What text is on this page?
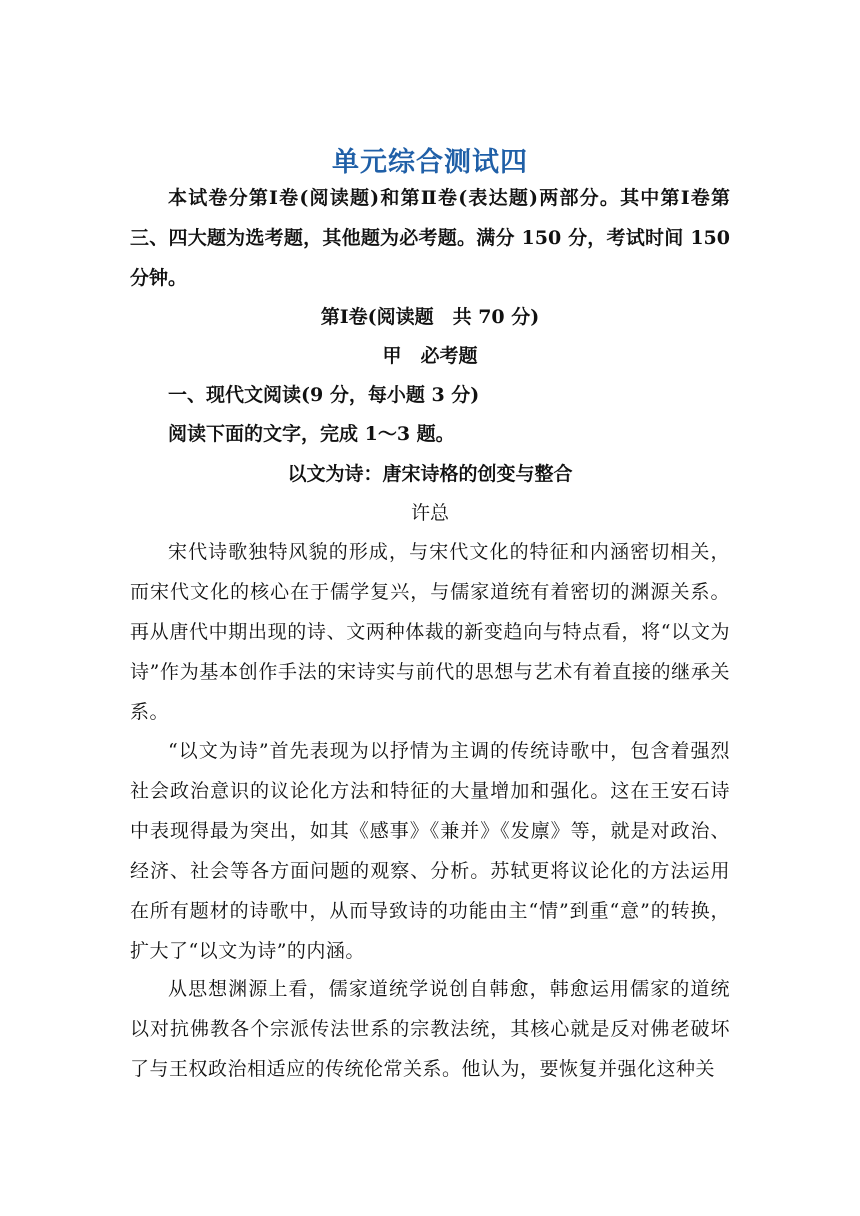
单元综合测试四
本试卷分第Ⅰ卷(阅读题)和第Ⅱ卷(表达题)两部分。其中第Ⅰ卷第三、四大题为选考题，其他题为必考题。满分 150 分，考试时间 150 分钟。
第Ⅰ卷(阅读题　共 70 分)
甲　必考题
一、现代文阅读(9 分，每小题 3 分)
阅读下面的文字，完成 1～3 题。
以文为诗：唐宋诗格的创变与整合
许总
宋代诗歌独特风貌的形成，与宋代文化的特征和内涵密切相关，而宋代文化的核心在于儒学复兴，与儒家道统有着密切的渊源关系。再从唐代中期出现的诗、文两种体裁的新变趋向与特点看，将“以文为诗”作为基本创作手法的宋诗实与前代的思想与艺术有着直接的继承关系。
“以文为诗”首先表现为以抒情为主调的传统诗歌中，包含着强烈社会政治意识的议论化方法和特征的大量增加和强化。这在王安石诗中表现得最为突出，如其《感事》《兼并》《发廪》等，就是对政治、经济、社会等各方面问题的观察、分析。苏轼更将议论化的方法运用在所有题材的诗歌中，从而导致诗的功能由主“情”到重“意”的转换，扩大了“以文为诗”的内涵。
从思想渊源上看，儒家道统学说创自韩愈，韩愈运用儒家的道统以对抗佛教各个宗派传法世系的宗教法统，其核心就是反对佛老破坏了与王权政治相适应的传统伦常关系。他认为，要恢复并强化这种关
